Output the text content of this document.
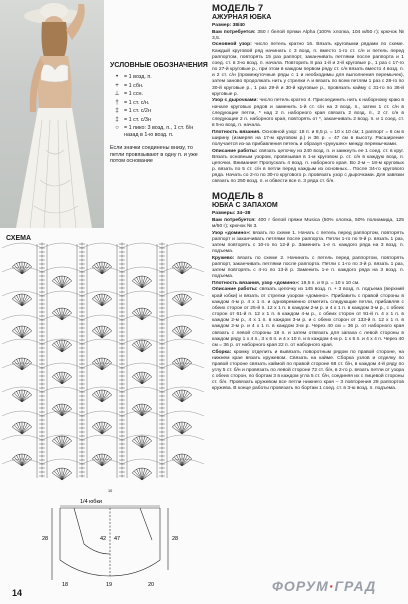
УСЛОВНЫЕ ОБОЗНАЧЕНИЯ
•	= 1 возд. п.
+ = 1 сбн.
⊥ = 1 ссн.
† = 1 ст. с/н.
‡ = 1 ст. с/2н
‡ = 1 ст. с/3н
○ = 1 пико: 3 возд. п., 1 ст. б/н назад в 1-ю возд. п.
Если значки соединены внизу, то петли провязывают в одну п. и уже потом основание
СХЕМА
1/4 юбки
28	28
42 47
18	19	20
10
МОДЕЛЬ 7
АЖУРНАЯ ЮБКА

Размер: 38/40

Вам потребуется: 350 г белой пряжи Alpha (100% хлопка, 104 м/50 г); крючок № 3,5.

Основной узор: число петель кратно 16. Вязать круговыми рядами по схеме. Каждый круговой ряд начинать с 3 возд. п. вместо 1-го ст. с/н и петель перед раппортом, повторять 15 раз раппорт, заканчивать петлями после раппорта и 1 соед. ст. в 3-ю возд. п. начала. Повторить 8 раз 1-й и 2-й круговые р., 1 раз с 17-го по 27-й круговые р., при этом в каждом первом ряду ст. с/н вязать вместо 4 возд. п. и 2 ст. с/н (промежуточные ряды с 1 и необходимы для выполнения перемычек), затем заново продолжать нить у стрелки А и вязать по всем петлям 1 раз с 28-го по 30-й круговые р., 1 раз 29-й и 30-й круговые р., провязать кайму с 31-го по 36-й круговые р.

Узор с дырочками: число петель кратно 4. Присоединить нить к наборному краю в начале круговых рядов и заменить 1-й ст. с/н на 3 возд. п., затем 1 ст. с/н в следующие петли, * над 2 п. наборного края связать 2 возд. п., 2 ст. с/н в следующие 2 п. наборного края, повторять от *, заканчивать 2 возд. п. и 1 соед. ст. в 5-ю возд. п. начала.

Плотность вязания. Основной узор: 18 п. и 8,5 р. = 10 х 10 см; 1 раппорт = 6 см в ширину (измеряя на 17-м круговом р.) и 36 р. = 47 см в высоту. Расширение получается из-за прибавления петель и образуя «рукушек» между перемычками.

Описание работы: связать цепочку из 240 возд. п. и замкнуть ее 1 соед. ст. в круг. Вязать основным узором, провязывая в 1-м круговом р. ст. с/н в каждую возд. п. цепочки. Внимание! Пропускать 4 возд. п. наборного края. Во 2-м – 18-м круговых р. вязать по 5 ст. с/н в петли перед каждым из основных... После 34-го кругового ряда. Начать со 2-го по 30-го кругового р. провязать узор с дырочками. Для завязки связать по 250 возд. п. и обвести все п. 3 ряда ст. б/н.

МОДЕЛЬ 8
ЮБКА С ЗАПАХОМ

Размеры: 34–38

Вам потребуется: 400 г белой пряжи Musica (50% хлопка, 50% полиамида, 125 м/50 г); крючок № 3.

Узор «домино»: вязать по схеме 1. Начать с петель перед раппортом, повторять раппорт и заканчивать петлями после раппорта. Петли 1-го по 9-й р. вязать 1 раз, затем повторять с 10-го по 12-й р. Заменить 1-е п. каждого ряда на 3 возд. п. подъема.

Кружево: вязать по схеме 2. Начинать с петель перед раппортом, повторять раппорт, заканчивать петлями после раппорта. Петли с 1-го по 3-й р. вязать 1 раз, затем повторять с 4-го по 13-й р. Заменить 1-е п. каждого ряда на 3 возд. п. подъема.

Плотность вязания, узор «домино»: 19,5 п. и 9 р. = 10 х 10 см.

Описание работы: связать цепочку из 145 возд. п. + 3 возд. п. подъема (верхний край юбки) и вязать от стрелки узором «домино». Прибавить с правой стороны в каждом 4-м р. 4 х 1 п. и одновременно отметить следующие петли, прибавляя с обеих сторон от 25-й п. 12 х 1 п. в каждом 2-м р. и 4 х 1 п. в каждом 3-м р., с обеих сторон от 61-й п. 12 х 1 п. в каждом 4-м р., с обеих сторон от 91-й п. 4 х 1 п. в каждом 2-м р., 4 х 1 п. в каждом 3-м р. и с обеих сторон от 133-й п. 12 х 1 п. в каждом 2-м р. и 4 х 1 п. в каждом 3-м р. Через 40 см = 36 р. от наборного края связать с левой стороны 18 п. и затем отвязать для запаха с левой стороны в каждом ряду 1 х 4 п., 3 х 6 п. и 4 х 10 п. и в каждом 4-м р. 1 х 5 п. и 4 х 4 п. Через 40 см = 36 р. от наборного края 22 п. от наборного края.

Сборка: кромку отделить и вывязать поворотным рядом по правой стороне, на нижнем крае вязать кружевом. Связать на кайме. Сборка узлов и отделку по правой стороне связать каймой по правой стороне 68 ст. б/н, в каждом 4-й ряду по углу 5 ст. б/н и провязать по левой стороне 72 ст. б/н, в 2-го р. вязать петли от узора с обеих сторон, по бортам 3 в каждом угла 5 ст. б/н, соединяя их с лицевой стороны ст. б/н. Провязать кружевом все петли нижнего края – 3 повторения 28 раппортов кружева. В конце работы провязать по бортам 1 соед. ст. в 3-ю возд. п. подъема.

14	ФОРУМ·ГРАД
